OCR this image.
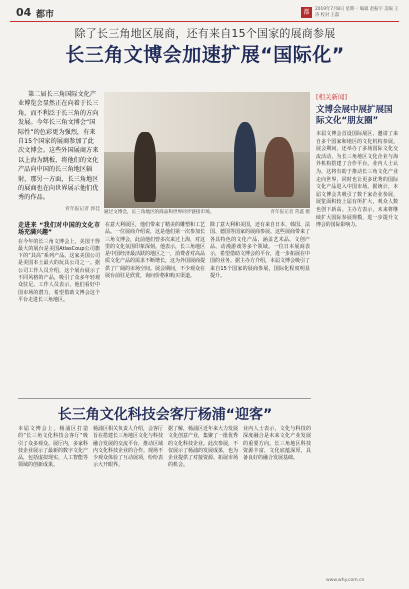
04 都市	都	2019年7月8日 星期一 编辑 赵振宇 美编 王涛 校对 王磊
除了长三角地区展商，还有来自15个国家的展商参展
长三角文博会加速扩展“国际化”
第二届长三角国际文化产业博览会显然正在向着于长三角，而不利泛于长三角的方向发展。今年长三角文博会“国际性”的色彩更为强烈，有来自15个国家的展商参加了此次文博会。这些外国展商方来以上海为跳板，将他们的文化产品向中国的长三角地区辐射，那另一方面，长三角地区的展商也在向世界展示他们优秀的作品。
青年报记者 郭佳
通过文博会，长三角地区的商品和世界同步链接市场。	青年报记者 常鑫 摄
走进来 “我们对中国的文化市场充满兴趣”
在今年的长三角文博会上，美国干得最大的展台是美国AtlasCoup公司旗下的“其高”系列产品。这家美国公司是美国本土最大的玩具公司之一。据公司工作人员介绍，这个展台展示了不同风格的产品，吸引了众多年轻观众驻足。工作人员表示，他们看好中国市场的潜力，希望借助文博会这个平台走进长三角地区。
在意大利展区，他们带来了精美的雕塑和工艺品。一位展商介绍说，这是他们第一次参加长三角文博会，此前他们曾多次来过上海，对这里的文化氛围印象深刻。他表示，长三角地区是中国经济最活跃的地区之一，消费者对高品质文化产品的需求不断增长，这为外国展商提供了广阔的市场空间。展会期间，不少观众在展台前驻足欣赏，询问价格和购买渠道。
除了意大利和美国，还有来自日本、韩国、法国、德国等国家的展商参展。这些展商带来了各具特色的文化产品，涵盖艺术品、文创产品、动漫游戏等多个领域。一位日本展商表示，希望借助文博会的平台，进一步拓展在中国的业务。据主办方介绍，本届文博会吸引了来自15个国家的展商参展，国际化程度明显提升。
[相关新闻]
文博会展中展扩展国际文化“朋友圈”
本届文博会首设国际展区，邀请了来自多个国家和地区的文化机构参展。展会期间，还举办了多场国际文化交流活动，为长三角地区文化企业与海外机构搭建了合作平台。业内人士认为，这将有助于推动长三角文化产业走向世界，同时也让更多优秀的国际文化产品进入中国市场。据统计，本届文博会共吸引了数千家企业参展，展览面积较上届有所扩大，观众人数也创下新高。主办方表示，未来将继续扩大国际参展规模，进一步提升文博会的国际影响力。
长三角文化科技会客厅杨浦“迎客”
本届文博会上，杨浦区打造的“长三角文化科技会客厅”吸引了众多观众。展厅内，多家科技企业展示了最新的数字文化产品，包括虚拟现实、人工智能等领域的创新成果。
杨浦区相关负责人介绍，会客厅旨在搭建长三角地区文化与科技融合发展的交流平台，推动区域内文化科技企业的合作。现场不少观众体验了互动展项，纷纷表示大开眼界。
据了解，杨浦区近年来大力发展文化创意产业，集聚了一批优秀的文化科技企业。此次参展，不仅展示了杨浦的发展成果，也为企业提供了对接资源、拓展市场的机会。
业内人士表示，文化与科技的深度融合是未来文化产业发展的重要方向。长三角地区科技资源丰富，文化底蕴深厚，具备良好的融合发展基础。
www.why.com.cn
